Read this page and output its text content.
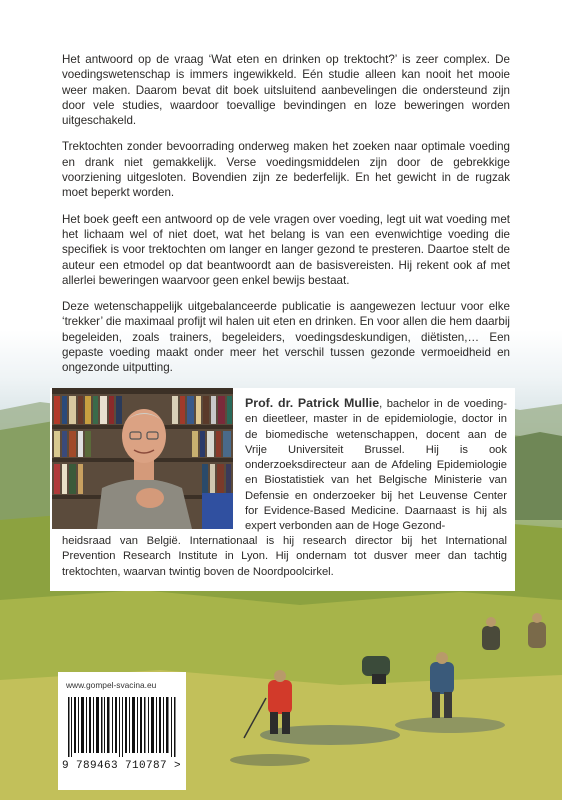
Het antwoord op de vraag ‘Wat eten en drinken op trektocht?’ is zeer complex. De voedingswetenschap is immers ingewikkeld. Eén studie alleen kan nooit het mooie weer maken. Daarom bevat dit boek uitsluitend aanbevelingen die ondersteund zijn door vele studies, waardoor toevallige bevindingen en loze beweringen worden uitgeschakeld.

Trektochten zonder bevoorrading onderweg maken het zoeken naar optimale voeding en drank niet gemakkelijk. Verse voedingsmiddelen zijn door de gebrekkige voorziening uitgesloten. Bovendien zijn ze bederfelijk. En het gewicht in de rugzak moet beperkt worden.

Het boek geeft een antwoord op de vele vragen over voeding, legt uit wat voeding met het lichaam wel of niet doet, wat het belang is van een evenwichtige voeding die specifiek is voor trektochten om langer en langer gezond te presteren. Daartoe stelt de auteur een etmodel op dat beantwoordt aan de basisvereisten. Hij rekent ook af met allerlei beweringen waarvoor geen enkel bewijs bestaat.

Deze wetenschappelijk uitgebalanceerde publicatie is aangewezen lectuur voor elke ‘trekker’ die maximaal profijt wil halen uit eten en drinken. En voor allen die hem daarbij begeleiden, zoals trainers, begeleiders, voedingsdeskundigen, diëtisten,… Een gepaste voeding maakt onder meer het verschil tussen gezonde vermoeidheid en ongezonde uitputting.

Prof. dr. Patrick Mullie, bachelor in de voeding- en dieetleer, master in de epidemiologie, doctor in de biomedische wetenschappen, docent aan de Vrije Universiteit Brussel. Hij is ook onderzoeksdirecteur aan de Afdeling Epidemiologie en Biostatistiek van het Belgische Ministerie van Defensie en onderzoeker bij het Leuvense Center for Evidence-Based Medicine. Daarnaast is hij als expert verbonden aan de Hoge Gezond-
heidsraad van België. Internationaal is hij research director bij het International Prevention Research Institute in Lyon. Hij ondernam tot dusver meer dan tachtig trektochten, waarvan twintig boven de Noordpoolcirkel.
www.gompel-svacina.eu
9 789463 710787 >
